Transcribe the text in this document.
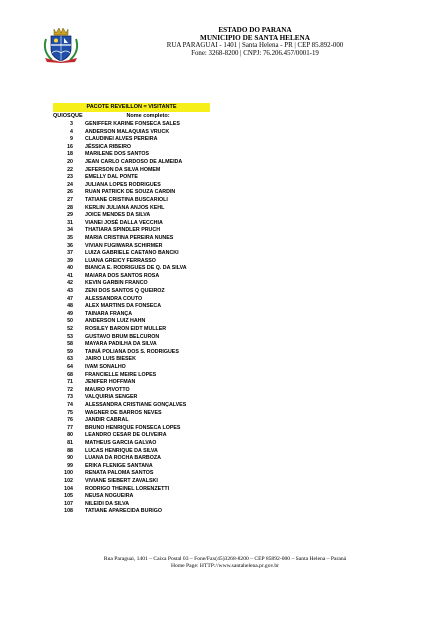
ESTADO DO PARANA
MUNICIPIO DE SANTA HELENA
RUA PARAGUAI - 1401 | Santa Helena - PR | CEP 85.892-000
Fone: 3268-8200 | CNPJ: 76.206.457/0001-19
PACOTE REVEILLON = VISITANTE
QUIOSQUE	Nome completo:
3 GENIFFER KARINE FONSECA SALES
4 ANDERSON MALAQUIAS VRUCK
9 CLAUDINEI ALVES PEREIRA
16 JÉSSICA RIBEIRO
18 MARILENE DOS SANTOS
20 JEAN CARLO CARDOSO DE ALMEIDA
22 JEFERSON DA SILVA HOMEM
23 EMELLY DAL PONTE
24 JULIANA LOPES RODRIGUES
26 RUAN PATRICK DE SOUZA CARDIN
27 TATIANE CRISTINA BUSCARIOLI
28 KERLIN JULIANA ANJOS KEHL
29 JOICE MENDES DA SILVA
31 VIANEI JOSÉ DALLA VECCHIA
34 THATIARA SPINDLER PRUCH
35 MARIA CRISTINA PEREIRA NUNES
36 VIVIAN FUGIWARA SCHIRMER
37 LUIZA GABRIELE CAETANO BANCKI
39 LUANA GREICY FERRASSO
40 BIANCA E. RODRIGUES DE Q. DA SILVA
41 MAIARA DOS SANTOS ROSA
42 KEVIN GARBIN FRANCO
43 ZENI DOS SANTOS Q QUEIROZ
47 ALESSANDRA COUTO
48 ALEX MARTINS DA FONSECA
49 TAINARA FRANÇA
50 ANDERSON LUIZ HAHN
52 ROSILEY BARON EIDT MULLER
53 GUSTAVO BRUM BELCURON
58 MAYARA PADILHA DA SILVA
59 TAINÁ POLIANA DOS S. RODRIGUES
63 JAIRO LUIS BIESEK
64 IVAM SONALHO
68 FRANCIELLE MEIRE LOPES
71 JENIFER HOFFMAN
72 MAURO PIVOTTO
73 VALQUIRIA SENGER
74 ALESSANDRA CRISTIANE GONÇALVES
75 WAGNER DE BARROS NEVES
76 JANDIR CABRAL
77 BRUNO HENRIQUE FONSECA LOPES
80 LEANDRO CESAR DE OLIVEIRA
81 MATHEUS GARCIA GALVAO
88 LUCAS HENRIQUE DA SILVA
90 LUANA DA ROCHA BARBOZA
99 ERIKA FLENIGE SANTANA
100 RENATA PALOMA SANTOS
102 VIVIANE SIEBERT ZAVALSKI
104 RODRIGO THEINEL LORENZETTI
105 NEUSA NOGUEIRA
107 NILEIDI DA SILVA
108 TATIANE APARECIDA BURIGO
Rua Paraguai, 1401 – Caixa Postal 03 – Fone/Fax(45)3268-8200 – CEP 85892-000 – Santa Helena – Paraná
Home Page: HTTP://www.santahelena.pr.gov.br
